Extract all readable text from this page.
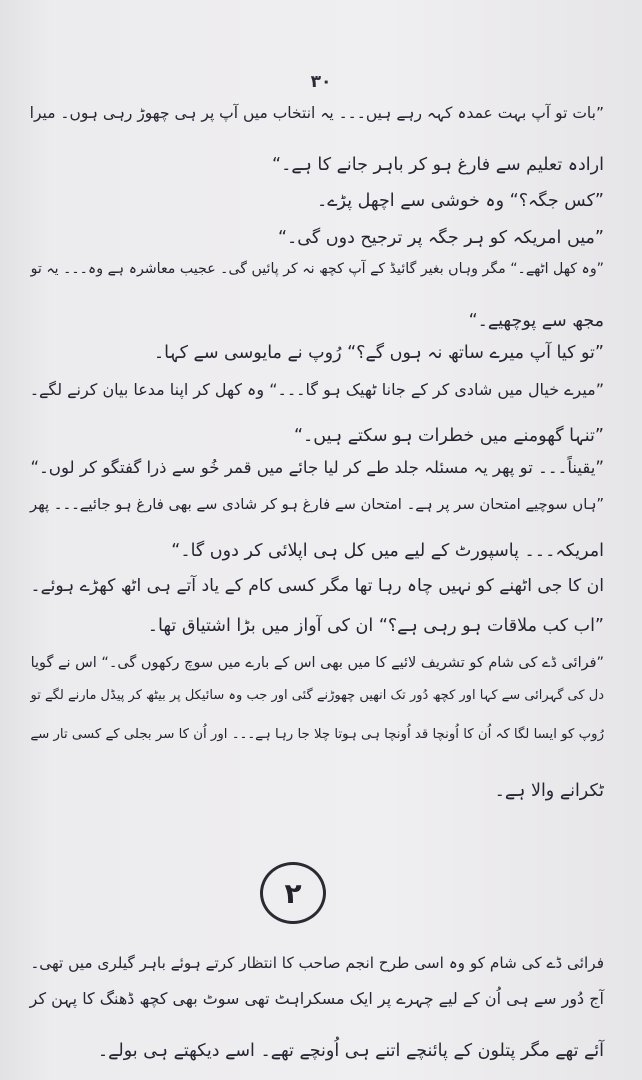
۳۰
”بات تو آپ بہت عمدہ کہہ رہے ہیں۔۔۔ یہ انتخاب میں آپ پر ہی چھوڑ رہی ہوں۔ میرا
ارادہ تعلیم سے فارغ ہو کر باہر جانے کا ہے۔“
”کس جگہ؟“ وہ خوشی سے اچھل پڑے۔
”میں امریکہ کو ہر جگہ پر ترجیح دوں گی۔“
”وہ کھل اٹھے۔“ مگر وہاں بغیر گائیڈ کے آپ کچھ نہ کر پائیں گی۔ عجیب معاشرہ ہے وہ۔۔۔ یہ تو
مجھ سے پوچھیے۔“
”تو کیا آپ میرے ساتھ نہ ہوں گے؟“ رُوپ نے مایوسی سے کہا۔
”میرے خیال میں شادی کر کے جانا ٹھیک ہو گا۔۔۔“ وہ کھل کر اپنا مدعا بیان کرنے لگے۔
”تنہا گھومنے میں خطرات ہو سکتے ہیں۔“
”یقیناً۔۔۔ تو پھر یہ مسئلہ جلد طے کر لیا جائے میں قمر خُو سے ذرا گفتگو کر لوں۔“
”ہاں سوچیے امتحان سر پر ہے۔ امتحان سے فارغ ہو کر شادی سے بھی فارغ ہو جائیے۔۔۔ پھر
امریکہ۔۔۔ پاسپورٹ کے لیے میں کل ہی اپلائی کر دوں گا۔“
ان کا جی اٹھنے کو نہیں چاہ رہا تھا مگر کسی کام کے یاد آتے ہی اٹھ کھڑے ہوئے۔
”اب کب ملاقات ہو رہی ہے؟“ ان کی آواز میں بڑا اشتیاق تھا۔
”فرائی ڈے کی شام کو تشریف لائیے کا میں بھی اس کے بارے میں سوچ رکھوں گی۔“ اس نے گویا
دل کی گہرائی سے کہا اور کچھ دُور تک انھیں چھوڑنے گئی اور جب وہ سائیکل پر بیٹھ کر پیڈل مارنے لگے تو
رُوپ کو ایسا لگا کہ اُن کا اُونچا قد اُونچا ہی ہوتا چلا جا رہا ہے۔۔۔ اور اُن کا سر بجلی کے کسی تار سے
ٹکرانے والا ہے۔
۲
فرائی ڈے کی شام کو وہ اسی طرح انجم صاحب کا انتظار کرتے ہوئے باہر گیلری میں تھی۔
آج دُور سے ہی اُن کے لیے چہرے پر ایک مسکراہٹ تھی سوٹ بھی کچھ ڈھنگ کا پہن کر
آئے تھے مگر پتلون کے پائنچے اتنے ہی اُونچے تھے۔ اسے دیکھتے ہی بولے۔
